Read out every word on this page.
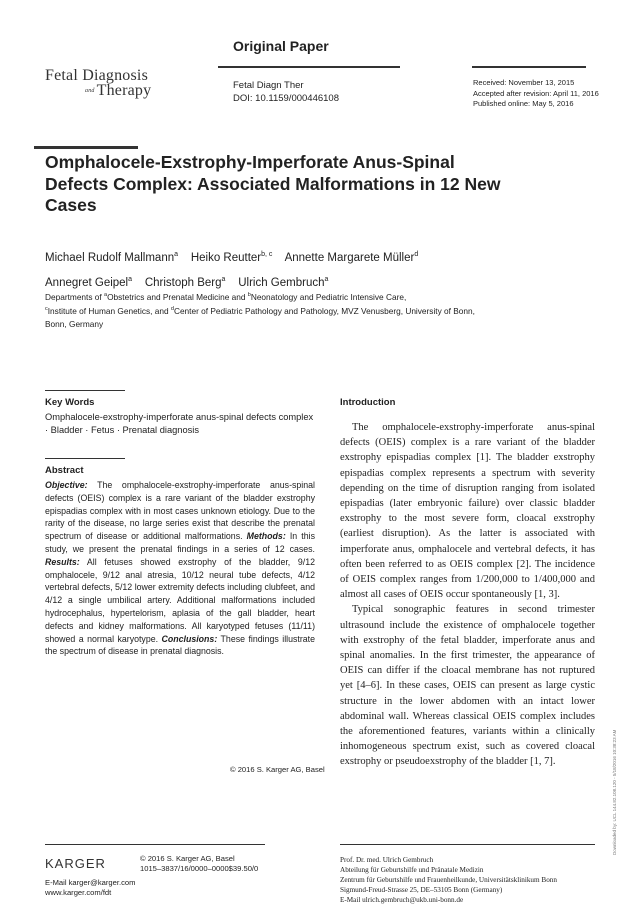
Original Paper
Fetal Diagnosis
and Therapy	Fetal Diagn Ther
DOI: 10.1159/000446108
Received: November 13, 2015
Accepted after revision: April 11, 2016
Published online: May 5, 2016
Omphalocele-Exstrophy-Imperforate Anus-Spinal Defects Complex: Associated Malformations in 12 New Cases
Michael Rudolf Mallmann$^a$ Heiko Reutter$^{b, c}$ Annette Margarete Müller$^d$
Annegret Geipel$^a$ Christoph Berg$^a$ Ulrich Gembruch$^a$
Departments of $^a$Obstetrics and Prenatal Medicine and $^b$Neonatology and Pediatric Intensive Care,
$^c$Institute of Human Genetics, and $^d$Center of Pediatric Pathology and Pathology, MVZ Venusberg, University of Bonn, Bonn, Germany
Key Words
Omphalocele-exstrophy-imperforate anus-spinal defects complex · Bladder · Fetus · Prenatal diagnosis
Abstract
Objective: The omphalocele-exstrophy-imperforate anus-spinal defects (OEIS) complex is a rare variant of the bladder exstrophy epispadias complex with in most cases unknown etiology. Due to the rarity of the disease, no large series exist that describe the prenatal spectrum of disease or additional malformations. Methods: In this study, we present the prenatal findings in a series of 12 cases. Results: All fetuses showed exstrophy of the bladder, 9/12 omphalocele, 9/12 anal atresia, 10/12 neural tube defects, 4/12 vertebral defects, 5/12 lower extremity defects including clubfeet, and 4/12 a single umbilical artery. Additional malformations included hydrocephalus, hypertelorism, aplasia of the gall bladder, heart defects and kidney malformations. All karyotyped fetuses (11/11) showed a normal karyotype. Conclusions: These findings illustrate the spectrum of disease in prenatal diagnosis.
© 2016 S. Karger AG, Basel
Introduction

The omphalocele-exstrophy-imperforate anus-spinal defects (OEIS) complex is a rare variant of the bladder exstrophy epispadias complex [1]. The bladder exstrophy epispadias complex represents a spectrum with severity depending on the time of disruption ranging from isolated epispadias (later embryonic failure) over classic bladder exstrophy to the most severe form, cloacal exstrophy (earliest disruption). As the latter is associated with imperforate anus, omphalocele and vertebral defects, it has often been referred to as OEIS complex [2]. The incidence of OEIS complex ranges from 1/200,000 to 1/400,000 and almost all cases of OEIS occur spontaneously [1, 3].

Typical sonographic features in second trimester ultrasound include the existence of omphalocele together with exstrophy of the fetal bladder, imperforate anus and spinal anomalies. In the first trimester, the appearance of OEIS can differ if the cloacal membrane has not ruptured yet [4–6]. In these cases, OEIS can present as large cystic structure in the lower abdomen with an intact lower abdominal wall. Whereas classical OEIS complex includes the aforementioned features, variants within a clinically inhomogeneous spectrum exist, such as covered cloacal exstrophy or pseudoexstrophy of the bladder [1, 7].

KARGER	© 2016 S. Karger AG, Basel
1015–3837/16/0000–0000$39.50/0
E-Mail karger@karger.com
www.karger.com/fdt
Prof. Dr. med. Ulrich Gembruch
Abteilung für Geburtshilfe und Pränatale Medizin
Zentrum für Geburtshilfe und Frauenheilkunde, Universitätsklinikum Bonn
Sigmund-Freud-Strasse 25, DE–53105 Bonn (Germany)
E-Mail ulrich.gembruch@ukb.uni-bonn.de
Downloaded by: UCL 144.82.108.120 - 5/18/2016 10:38:23 AM
